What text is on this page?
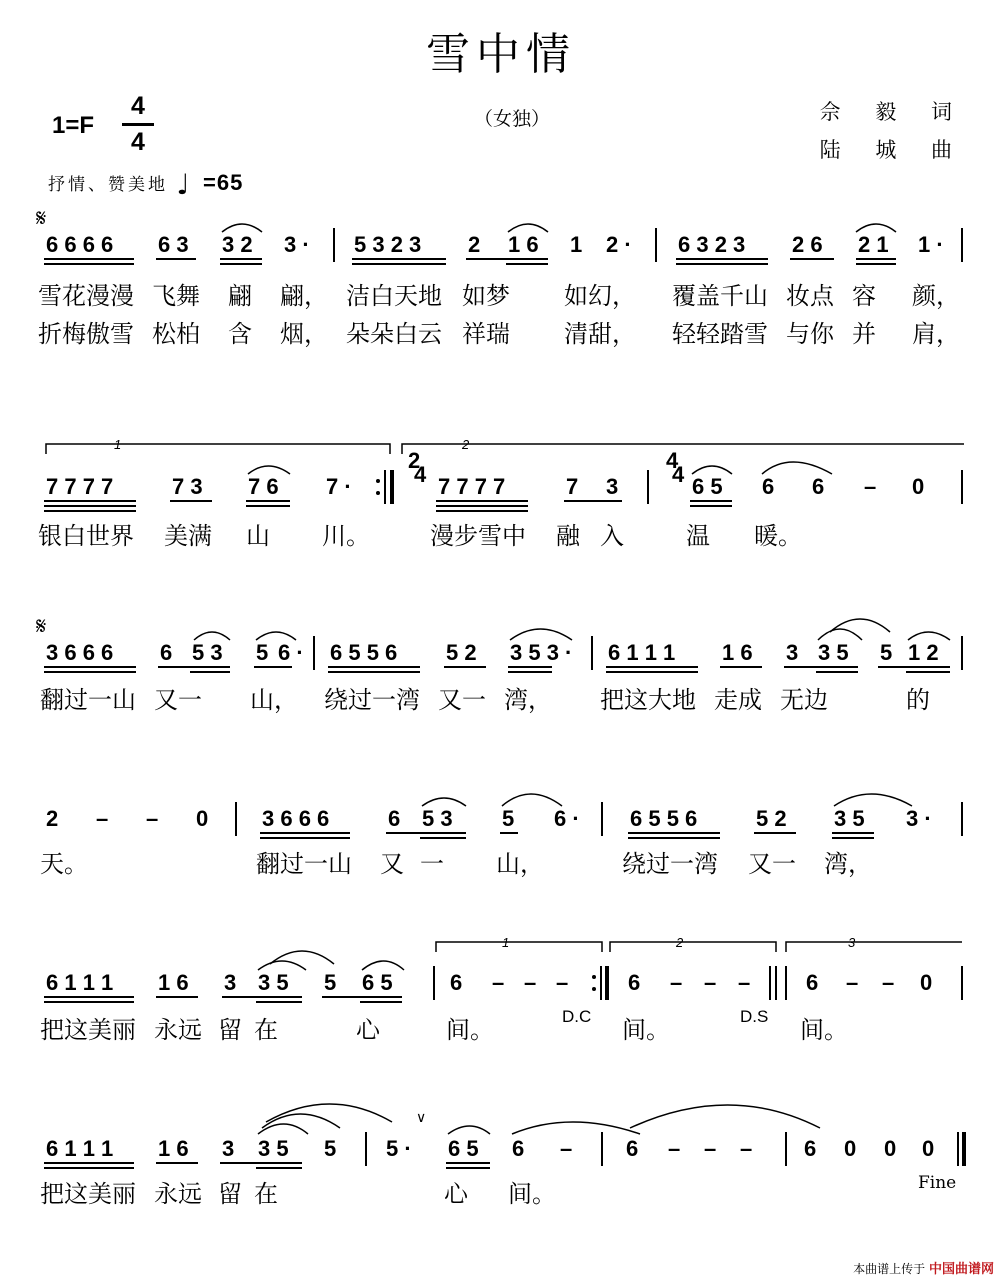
雪中情
1=F
4
4
（女独）	佘 毅 词
陆 城 曲
抒情、赞美地 ♩ =65
𝄋
𝄋
6 6 6 6 6 3 3 2 3 · 5 3 2 3 2 1 6 1 2 · 6 3 2 3 2 6 2 1 1 ·
雪花漫漫 飞舞 翩 翩， 洁白天地 如梦 如幻， 覆盖千山 妆点 容 颜，
折梅傲雪 松柏 含 烟， 朵朵白云 祥瑞 清甜， 轻轻踏雪 与你 并 肩，
1	2
7 7 7 7	7 3 7 6 7 ·	7 7 7 7	7 3	6 5 6 6 – 0
2
4
4
4
银白世界 美满 山 川。	漫步雪中 融 入	温 暖。
3 6 6 6 6 5 3 5 6 · 6 5 5 6 5 2 3 5 3 · 6 1 1 1 1 6 3 3 5 5 1 2
翻过一山 又一 山， 绕过一湾 又一 湾， 把这大地 走成 无边	的
2 – – 0 3 6 6 6	6 5 3 5 6 · 6 5 5 6	5 2 3 5 3 ·
天。	翻过一山 又 一 山，	绕过一湾 又一 湾，
1	2	3
6 1 1 1 1 6 3 3 5 5 6 5	6 – – –	6 – – –	6 – – 0
把这美丽 永远 留 在	心	间。	间。	间。
D.C	D.S
∨
6 1 1 1 1 6 3 3 5 5 5 · 6 5 6 – 6 – – – 6 0 0 0
把这美丽 永远 留 在	心 间。	Fine
本曲谱上传于 中国曲谱网
